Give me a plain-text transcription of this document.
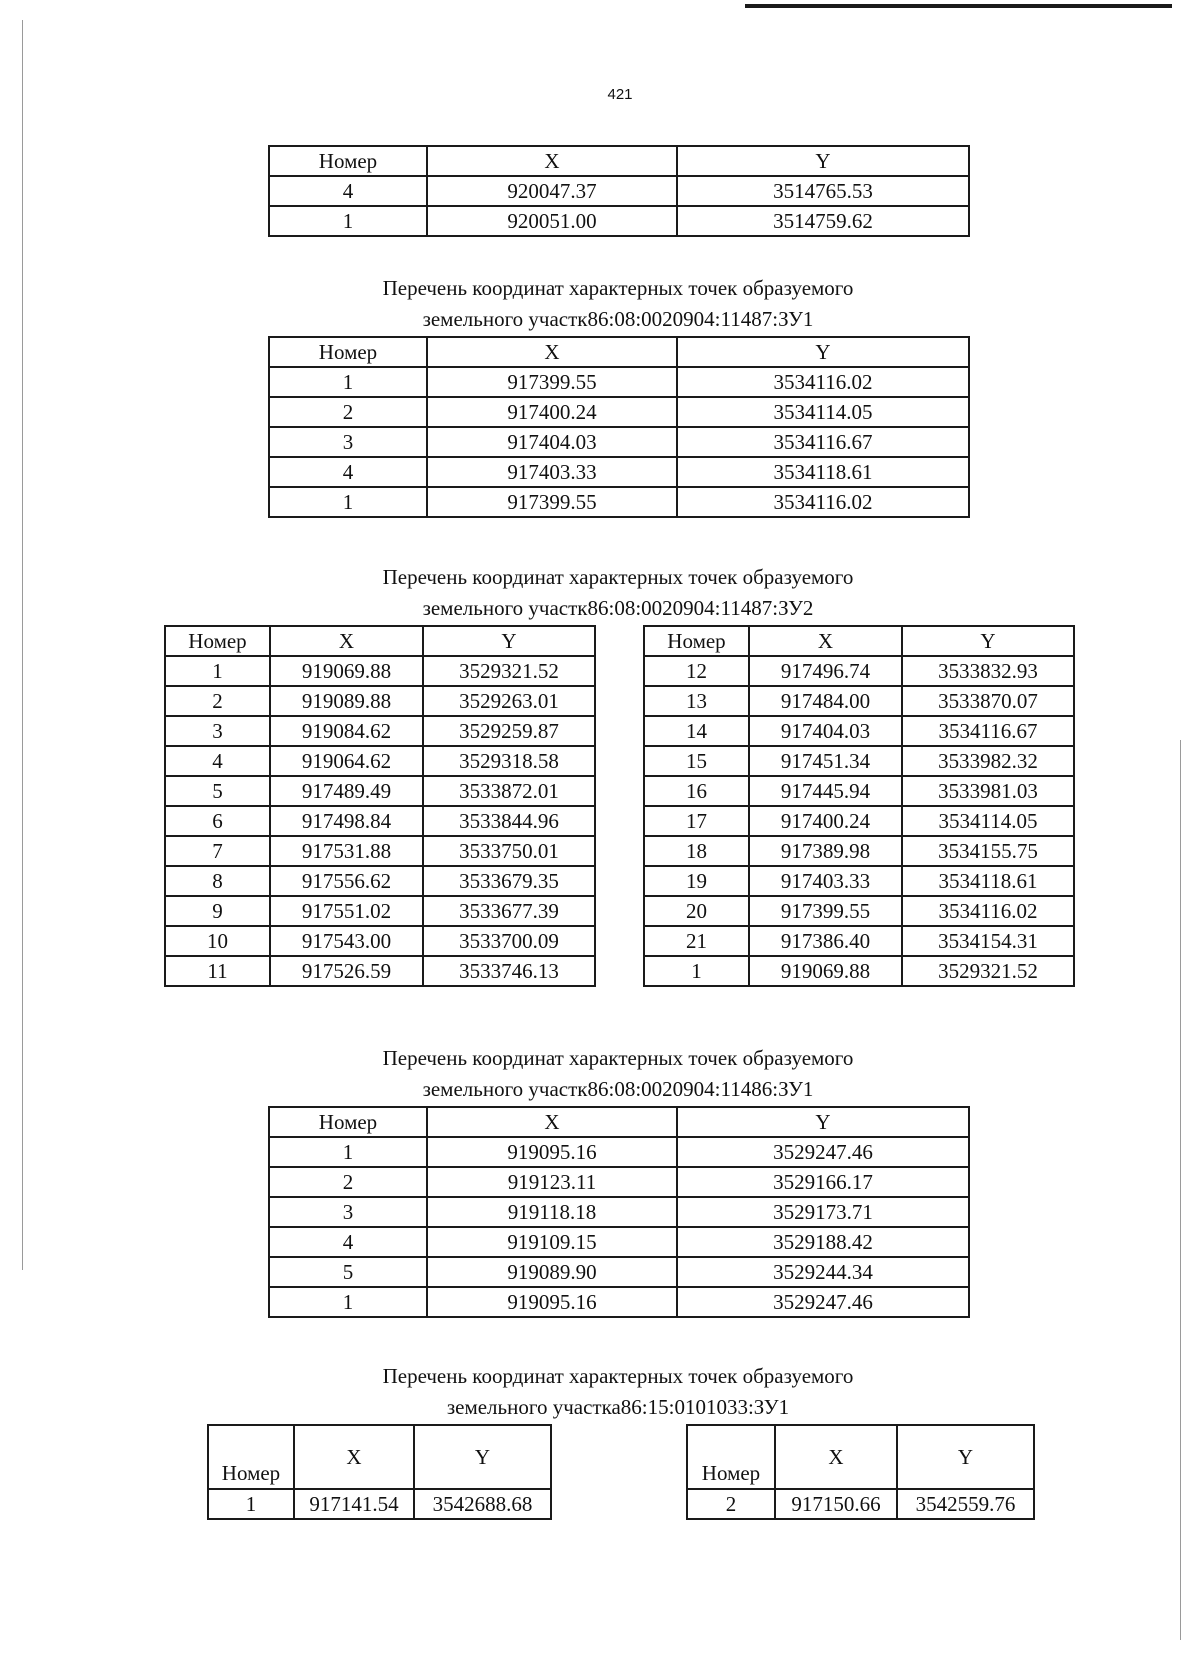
421
Номер	X	Y
4	920047.37	3514765.53
1	920051.00	3514759.62
Перечень координат характерных точек образуемого
земельного участк86:08:0020904:11487:ЗУ1
Номер	X	Y
1	917399.55	3534116.02
2	917400.24	3534114.05
3	917404.03	3534116.67
4	917403.33	3534118.61
1	917399.55	3534116.02
Перечень координат характерных точек образуемого
земельного участк86:08:0020904:11487:ЗУ2
Номер	X	Y
1	919069.88	3529321.52
2	919089.88	3529263.01
3	919084.62	3529259.87
4	919064.62	3529318.58
5	917489.49	3533872.01
6	917498.84	3533844.96
7	917531.88	3533750.01
8	917556.62	3533679.35
9	917551.02	3533677.39
10	917543.00	3533700.09
11	917526.59	3533746.13
Номер	X	Y
12	917496.74	3533832.93
13	917484.00	3533870.07
14	917404.03	3534116.67
15	917451.34	3533982.32
16	917445.94	3533981.03
17	917400.24	3534114.05
18	917389.98	3534155.75
19	917403.33	3534118.61
20	917399.55	3534116.02
21	917386.40	3534154.31
1	919069.88	3529321.52
Перечень координат характерных точек образуемого
земельного участк86:08:0020904:11486:ЗУ1
Номер	X	Y
1	919095.16	3529247.46
2	919123.11	3529166.17
3	919118.18	3529173.71
4	919109.15	3529188.42
5	919089.90	3529244.34
1	919095.16	3529247.46
Перечень координат характерных точек образуемого
земельного участка86:15:0101033:ЗУ1
Номер	X	Y
1	917141.54	3542688.68
Номер	X	Y
2	917150.66	3542559.76
